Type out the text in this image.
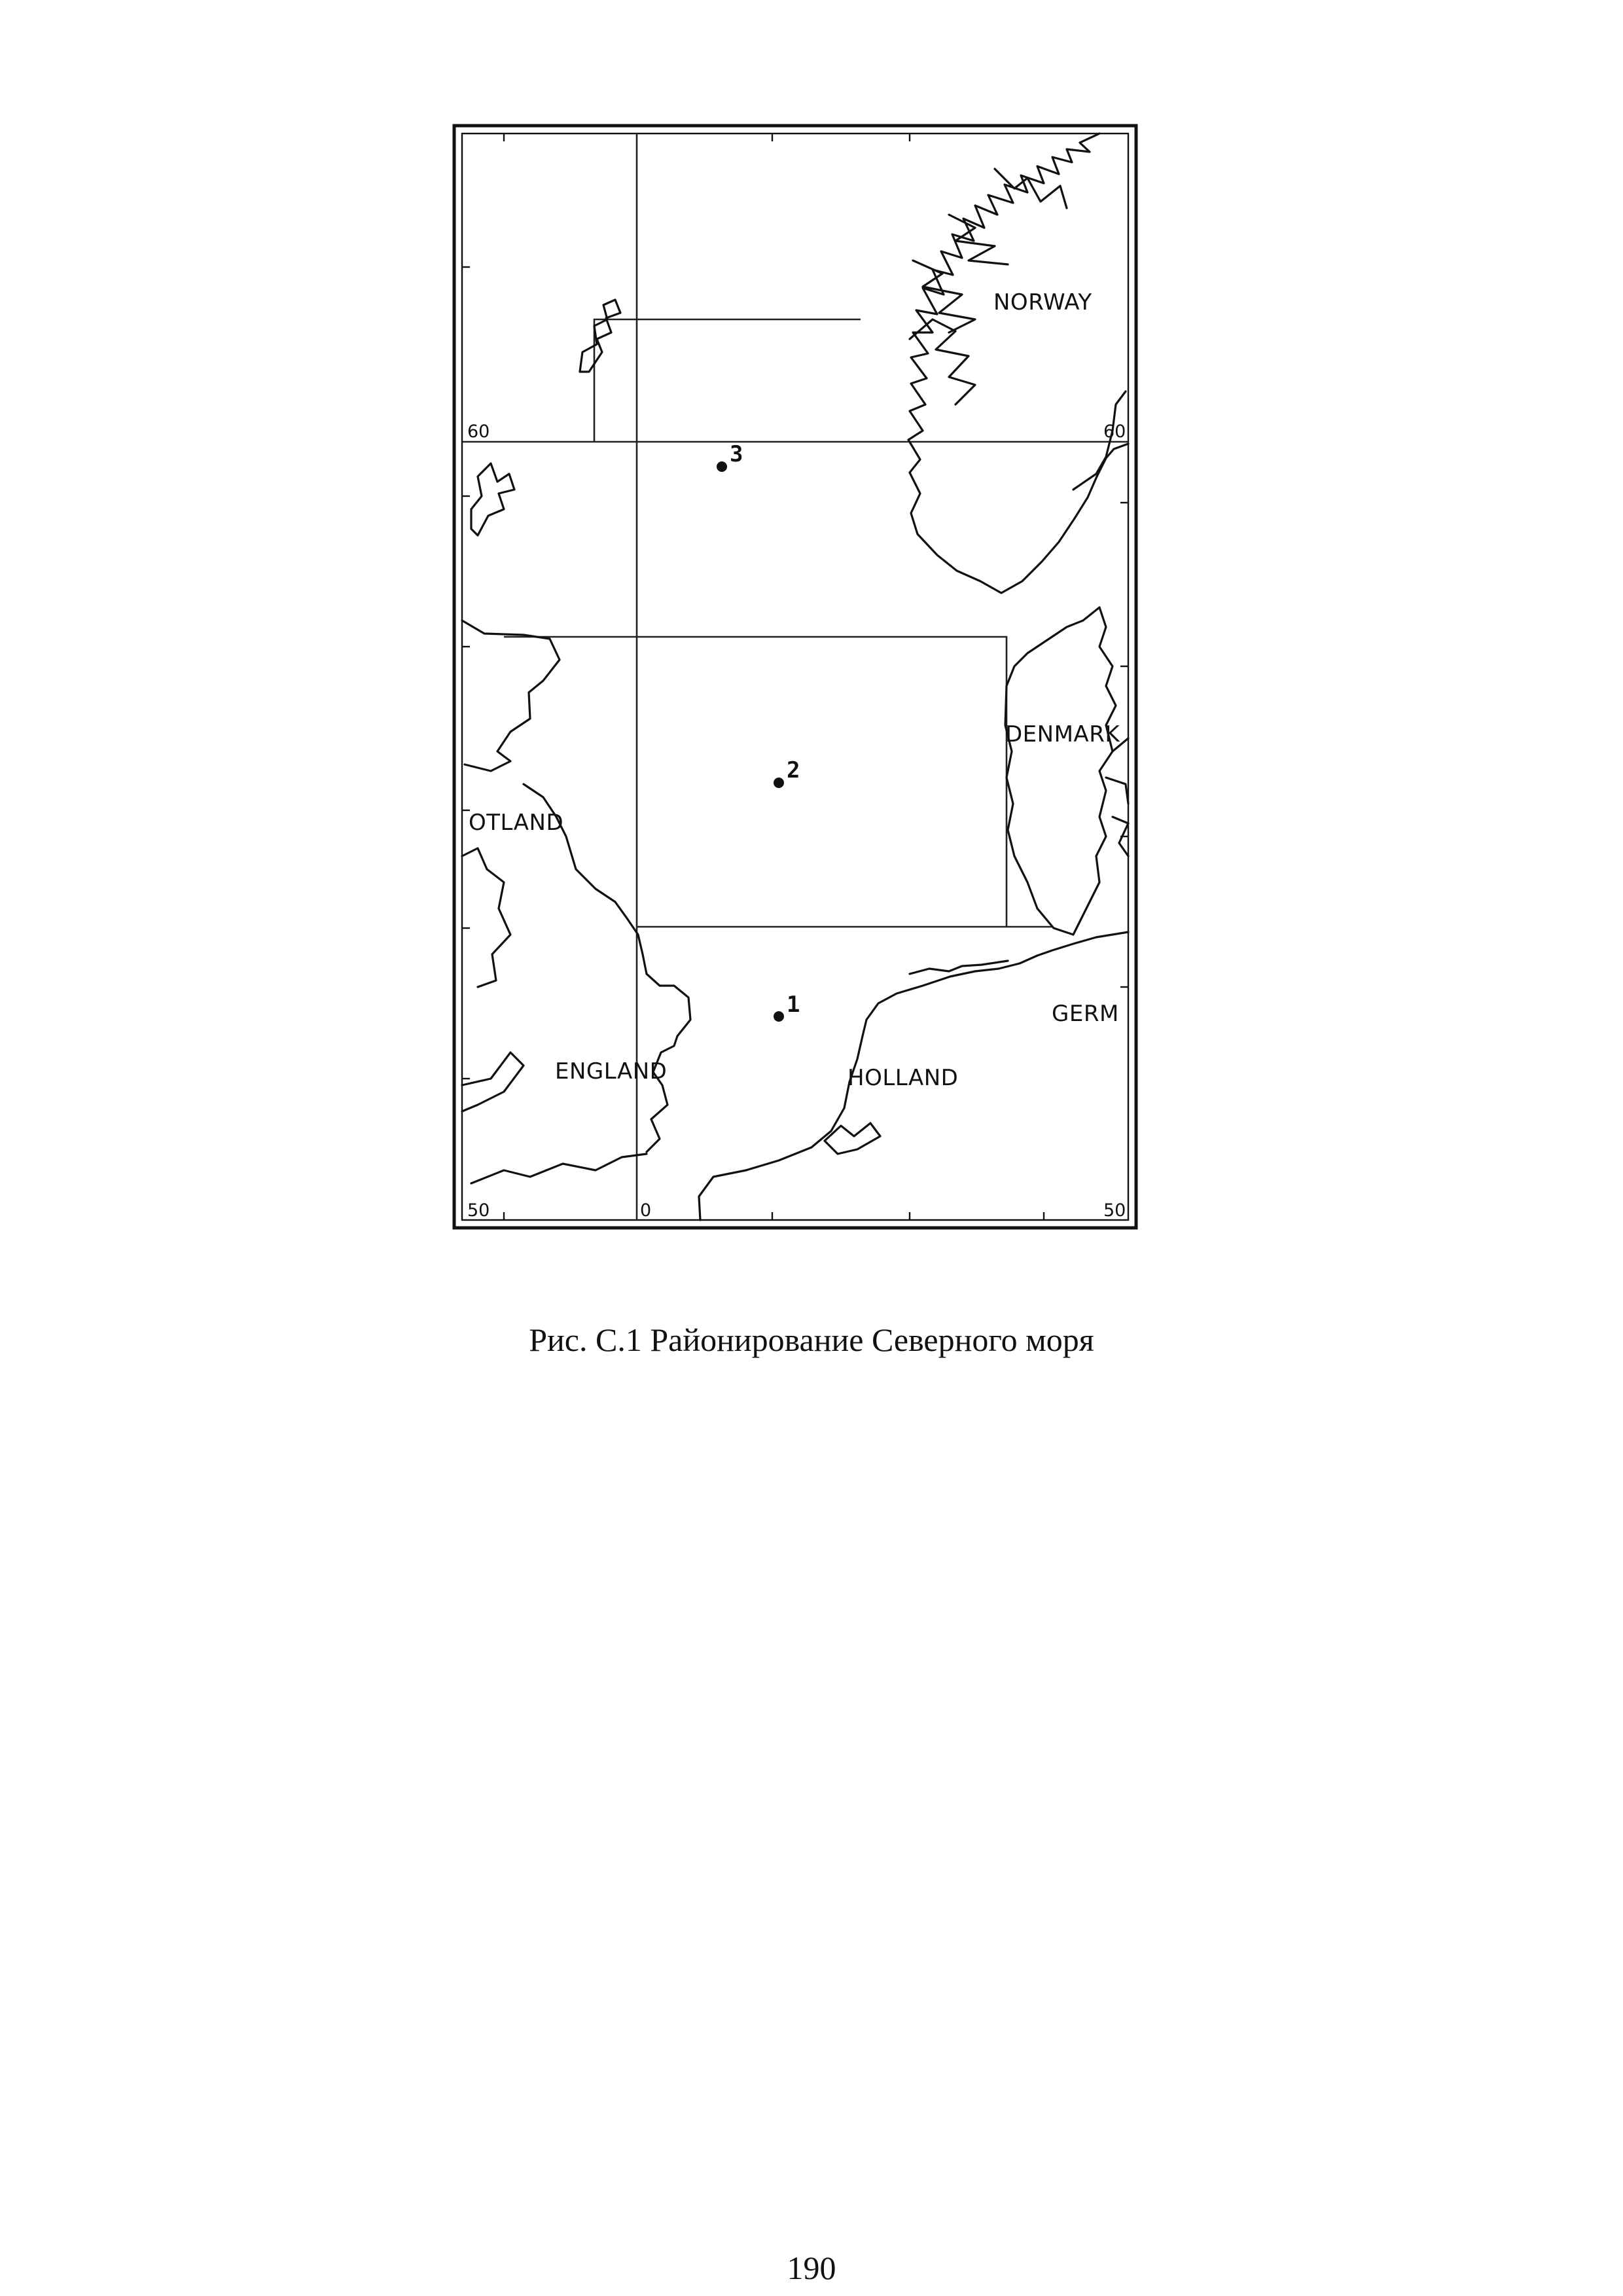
1
2
3
NORWAY
DENMARK
OTLAND
ENGLAND	HOLLAND
GERM
60	60
50	50
0
Рис. С.1 Районирование Северного моря
190
